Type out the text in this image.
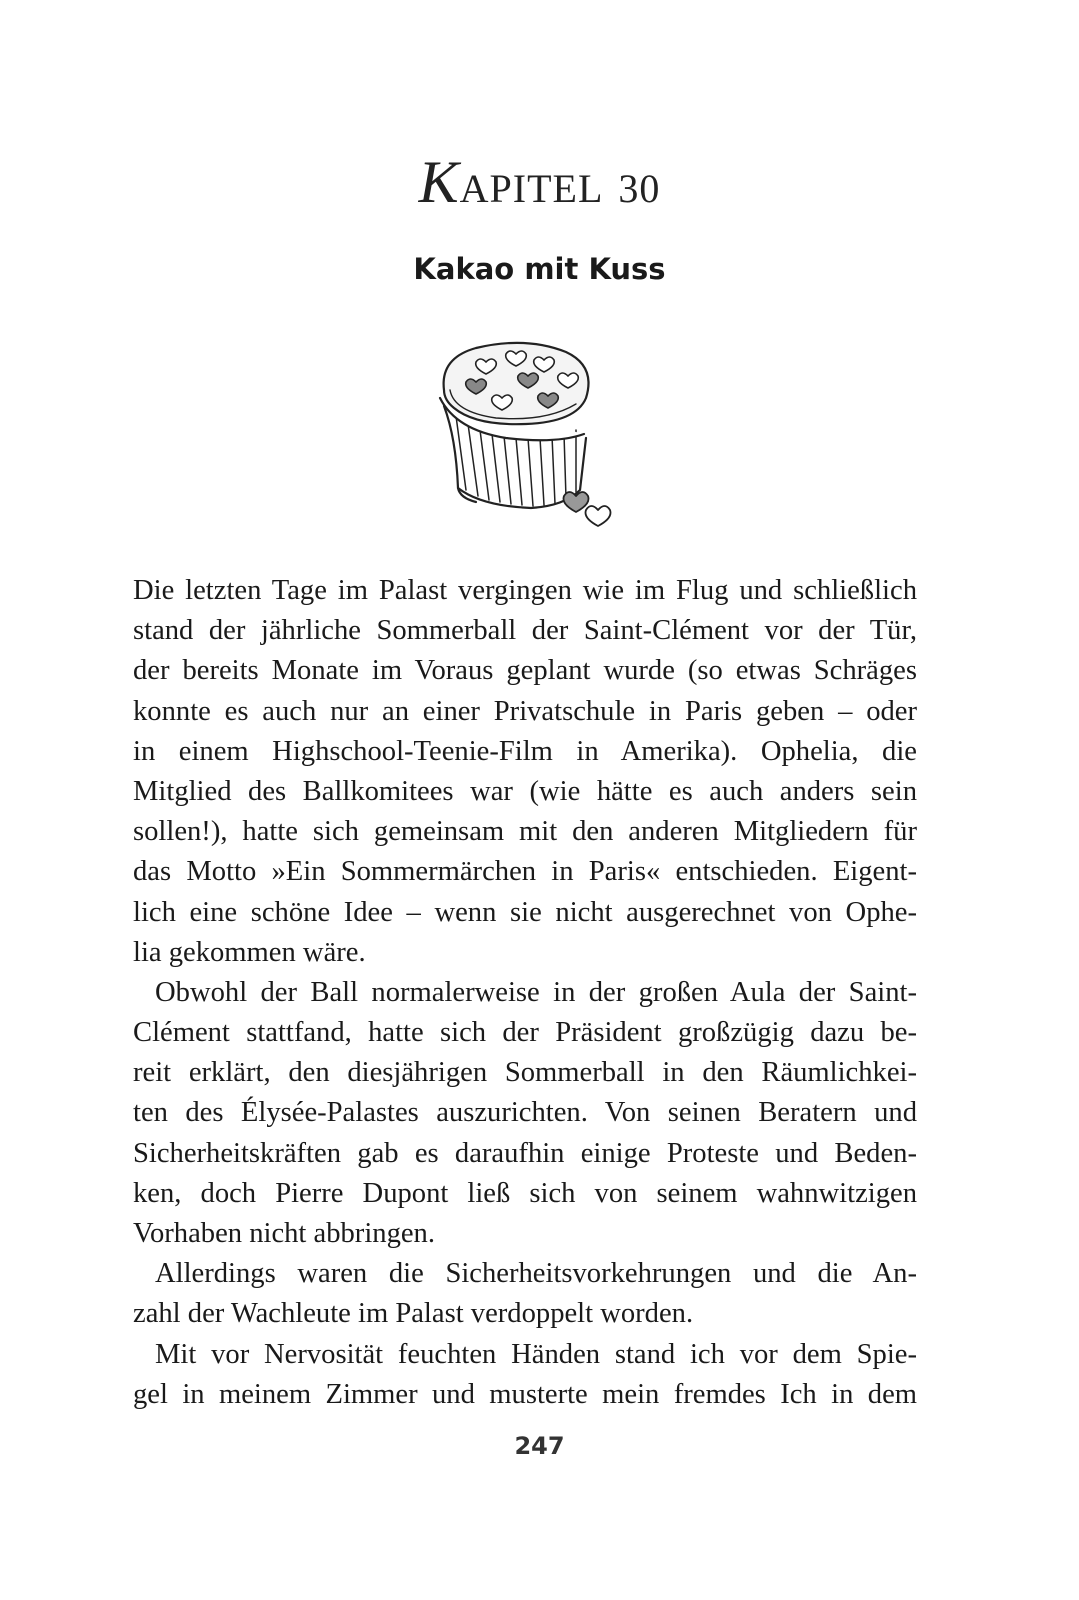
KAPITEL 30
Kakao mit Kuss
Die letzten Tage im Palast vergingen wie im Flug und schließlich
stand der jährliche Sommerball der Saint-Clément vor der Tür,
der bereits Monate im Voraus geplant wurde (so etwas Schräges
konnte es auch nur an einer Privatschule in Paris geben – oder
in einem Highschool-Teenie-Film in Amerika). Ophelia, die
Mitglied des Ballkomitees war (wie hätte es auch anders sein
sollen!), hatte sich gemeinsam mit den anderen Mitgliedern für
das Motto »Ein Sommermärchen in Paris« entschieden. Eigent-
lich eine schöne Idee – wenn sie nicht ausgerechnet von Ophe-
lia gekommen wäre.
Obwohl der Ball normalerweise in der großen Aula der Saint-
Clément stattfand, hatte sich der Präsident großzügig dazu be-
reit erklärt, den diesjährigen Sommerball in den Räumlichkei-
ten des Élysée-Palastes auszurichten. Von seinen Beratern und
Sicherheitskräften gab es daraufhin einige Proteste und Beden-
ken, doch Pierre Dupont ließ sich von seinem wahnwitzigen
Vorhaben nicht abbringen.
Allerdings waren die Sicherheitsvorkehrungen und die An-
zahl der Wachleute im Palast verdoppelt worden.
Mit vor Nervosität feuchten Händen stand ich vor dem Spie-
gel in meinem Zimmer und musterte mein fremdes Ich in dem

247
